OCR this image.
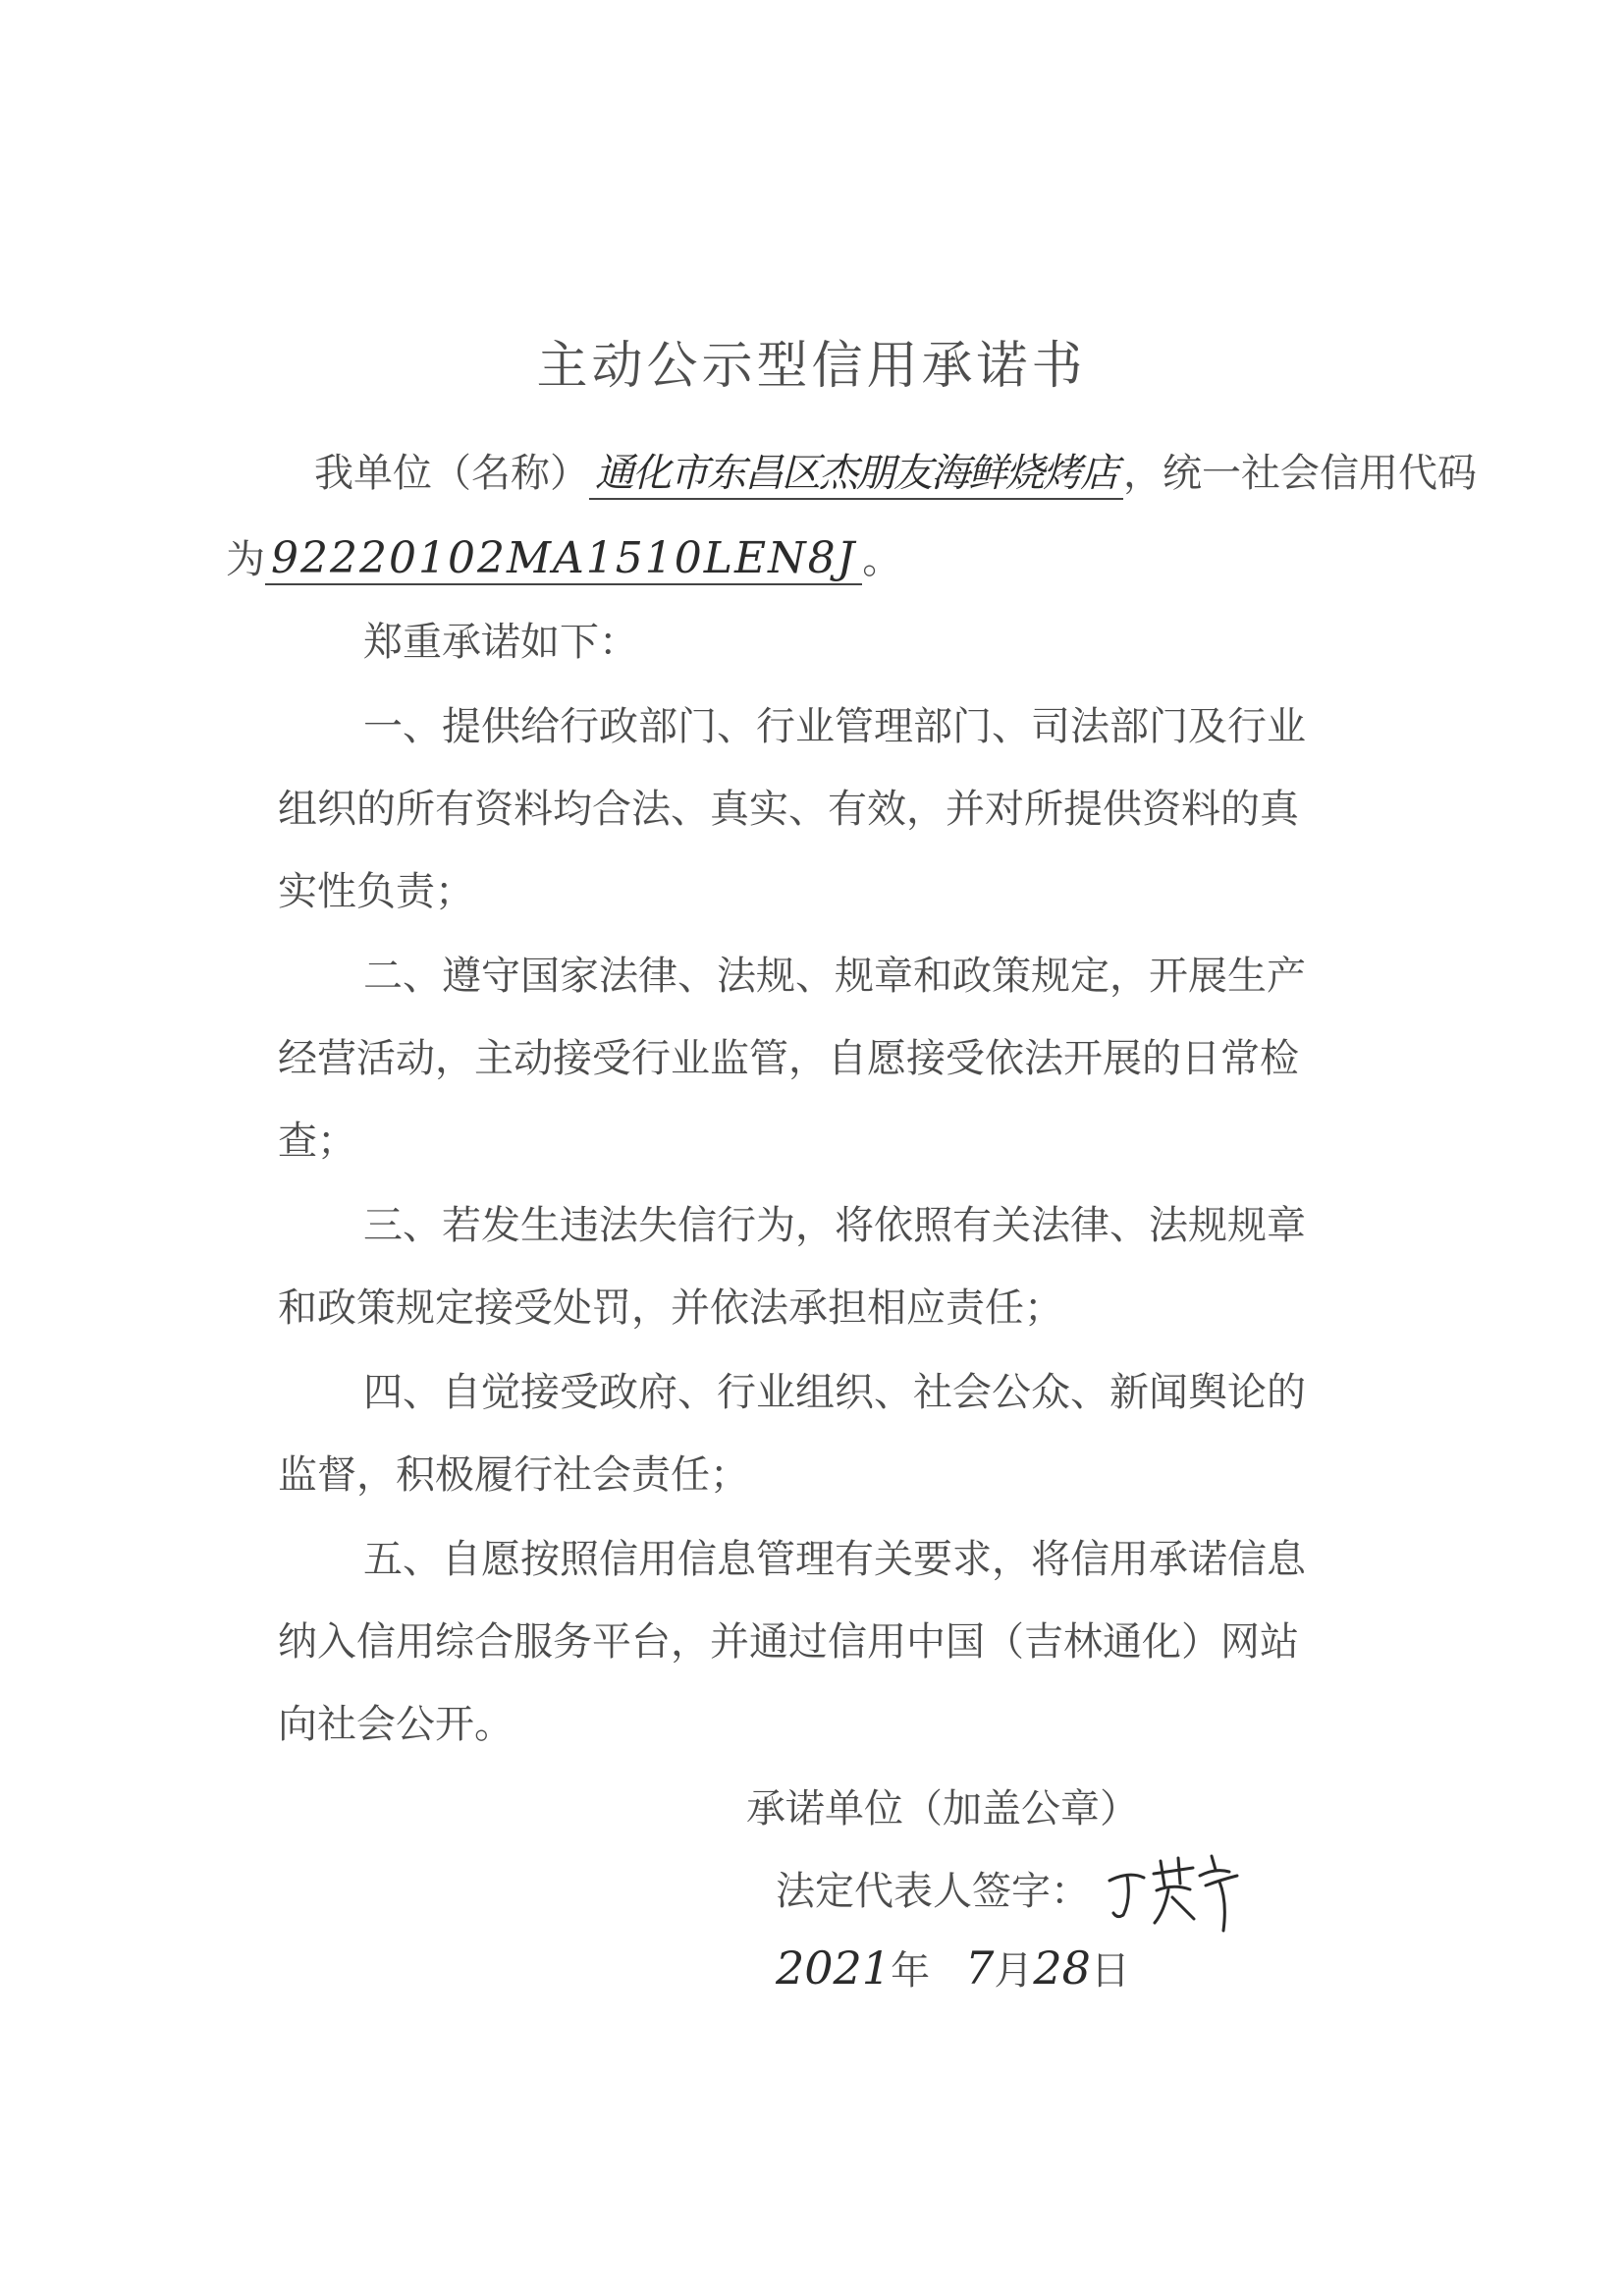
主动公示型信用承诺书
我单位（名称） 通化市东昌区杰朋友海鲜烧烤店 ，统一社会信用代码
为 92220102MA1510LEN8J 。
郑重承诺如下：
一、提供给行政部门、行业管理部门、司法部门及行业
组织的所有资料均合法、真实、有效，并对所提供资料的真
实性负责；
二、遵守国家法律、法规、规章和政策规定，开展生产
经营活动，主动接受行业监管，自愿接受依法开展的日常检
查；
三、若发生违法失信行为，将依照有关法律、法规规章
和政策规定接受处罚，并依法承担相应责任；
四、自觉接受政府、行业组织、社会公众、新闻舆论的
监督，积极履行社会责任；
五、自愿按照信用信息管理有关要求，将信用承诺信息
纳入信用综合服务平台，并通过信用中国（吉林通化）网站
向社会公开。
承诺单位（加盖公章）
法定代表人签字：
2021年 7月28日
